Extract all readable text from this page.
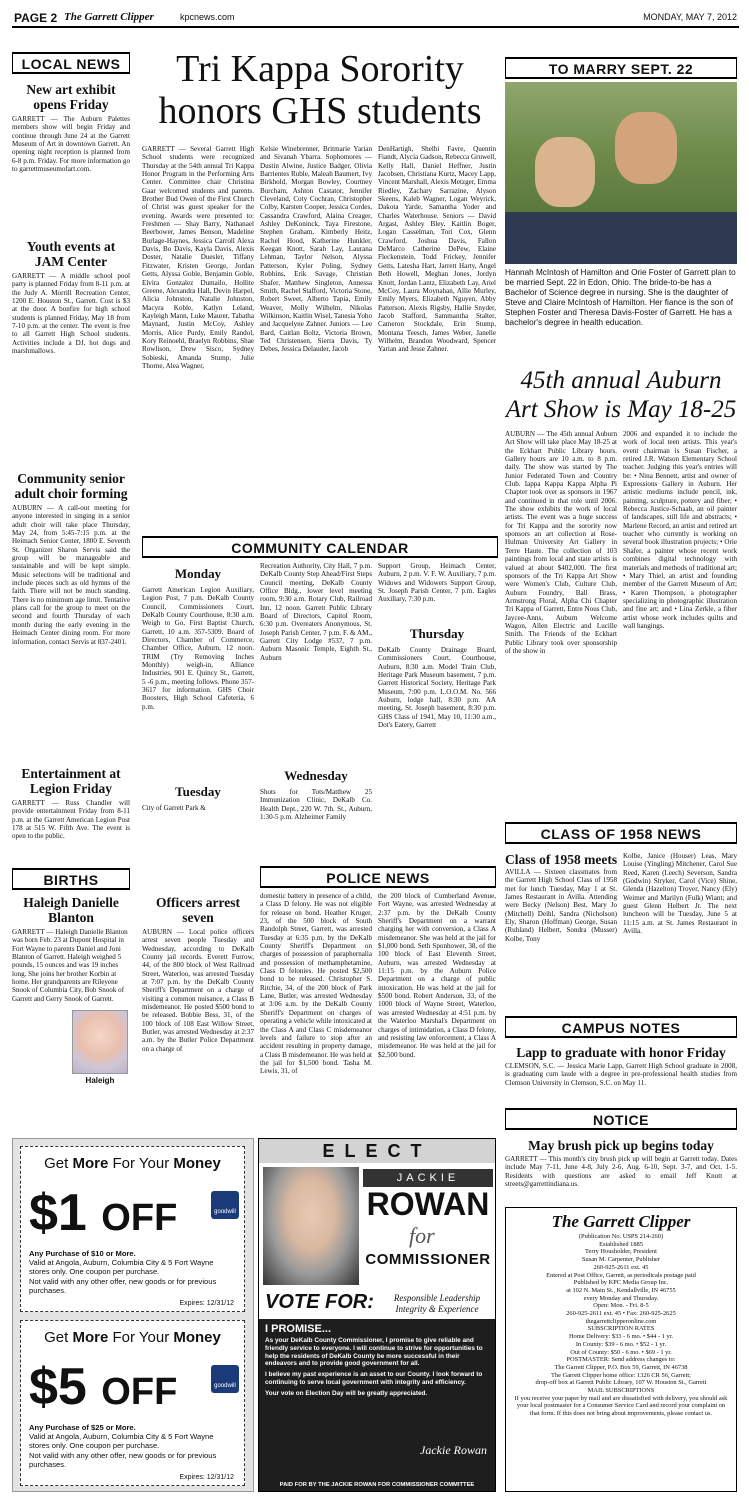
PAGE 2 The Garrett Clipper	kpcnews.com	MONDAY, MAY 7, 2012
LOCAL NEWS
New art exhibit opens Friday
GARRETT — The Auburn Palettes members show will begin Friday and continue through June 24 at the Garrett Museum of Art in downtown Garrett. An opening night reception is planned from 6-8 p.m. Friday. For more information go to garrettmuseumofart.com.
Youth events at JAM Center
GARRETT — A middle school pool party is planned Friday from 8-11 p.m. at the Judy A. Morrill Recreation Center, 1200 E. Houston St., Garrett. Cost is $3 at the door. A bonfire for high school students is planned Friday, May 18 from 7-10 p.m. at the center. The event is free to all Garrett High School students. Activities include a DJ, hot dogs and marshmallows.
Community senior adult choir forming
AUBURN — A call-out meeting for anyone interested in singing in a senior adult choir will take place Thursday, May 24, from 5:45-7:15 p.m. at the Heimach Senior Center, 1800 E. Seventh St. Organizer Sharon Servis said the group will be manageable and sustainable and will be kept simple. Music selections will be traditional and include pieces such as old hymns of the faith. There will not be much standing. There is no minimum age limit. Tentative plans call for the group to meet on the second and fourth Thursday of each month during the early evening in the Heimach Center dining room. For more information, contact Servis at 837-2401.
Entertainment at Legion Friday
GARRETT — Russ Chandler will provide entertainment Friday from 8-11 p.m. at the Garrett American Legion Post 178 at 515 W. Fifth Ave. The event is open to the public.
Tri Kappa Sorority honors GHS students
GARRETT — Several Garrett High School students were recognized Thursday at the 54th annual Tri Kappa Honor Program in the Performing Arts Center. Committee chair Christina Gaar welcomed students and parents. Brother Bud Owen of the First Church of Christ was guest speaker for the evening. Awards were presented to: Freshmen — Shay Barry, Nathanael Beerbower, James Benson, Madeline Burlage-Haynes, Jessica Carroll Alexa Davis, Bo Davis, Kayla Davis, Alexis Doster, Natalie Duesler, Tiffany Fitzwater, Kristen George, Jordan Getts, Alyssa Goble, Benjamin Goble, Elvira Gonzalez Dumailo, Hollite Greene, Alexandra Hall, Devin Harpel, Alicia Johnston, Natalie Johnston, Macyra Koble, Katlyn Leland, Kayleigh Mann, Luke Maurer, Tabatha Maynard, Justin McCoy, Ashley Morris, Alice Purdy, Emily Randol, Kory Reinoehl, Braelyn Robbins, Shae Rowlison, Drew Sisco, Sydney Sobieski, Amanda Stump, Julie Thorne, Alea Wagner,
Kelsie Winebrenner, Britmarie Yarian and Sivanah Ybarra. Sophomores — Dustin Alwine, Justice Badger, Olivia Barrientes Ruble, Maleah Baumert, Ivy Birkhold, Morgan Bowley, Courtney Burcham, Ashton Castator, Jennifer Cleveland, Coty Cochran, Christopher Colby, Karsten Cooper, Jessica Cordes, Cassandra Crawford, Alaina Creager, Ashley DeKoninck, Taya Firestone, Stephen Graham, Kimberly Heitz, Rachel Hood, Katherine Hunkler, Keegan Knott, Sarah Lay, Laurana Lehman, Taylor Nelson, Alyssa Patterson, Kyler Poling, Sydney Robbins, Erik Savage, Christian Shafer, Matthew Singleton, Annessa Smith, Rachel Stafford, Victoria Stone, Robert Sweet, Alberto Tapia, Emily Weaver, Molly Wilhelm, Nikolas Wilkinson, Kaitlin Wisel, Tanesia Yoho and Jacquelyne Zahner. Juniors — Lee Bard, Caitlan Boltz, Victoria Brown, Ted Christensen, Sierra Davis, Ty Debes, Jessica Delauder, Jacob
DenHartigh, Shelbi Favre, Quentin Fiandt, Alycia Gadson, Rebecca Gruwell, Kelly Hall, Daniel Heffner, Justin Jacobsen, Christiana Kurtz, Macey Lapp, Vincent Marshall, Alexis Metzger, Emma Riedley, Zachary Sarrazine, Alyson Skeens, Kaleb Wagner, Logan Weyrick, Dakota Yarde, Samantha Yoder and Charles Waterhouse. Seniors — David Argast, Ashley Bley, Kaitlin Boger, Logan Casselman, Tori Cox, Glenn Crawford, Joshua Davis, Fallon DeMarco Catherine DePew, Elaine Fleckenstein, Todd Frickey, Jennifer Getts, Latesha Hart, Jarrett Harty, Angel Beth Howell, Meghan Jones, Jordyn Knott, Jordan Lantz, Elizabeth Lay, Ariel McCoy, Laura Moynahan, Allie Murley, Emily Myers, Elizabeth Nguyen, Abby Patterson, Alexis Rigsby, Hallie Snyder, Jacob Stafford, Sammantha Stalter, Cameron Stockdale, Erin Stump, Montana Teesch, James Weber, Janelle Wilhelm, Brandon Woodward, Spencer Yarian and Jesse Zahner.
TO MARRY SEPT. 22
Hannah McIntosh of Hamilton and Orie Foster of Garrett plan to be married Sept. 22 in Edon, Ohio. The bride-to-be has a Bachelor of Science degree in nursing. She is the daughter of Steve and Claire McIntosh of Hamilton. Her fiance is the son of Stephen Foster and Theresa Davis-Foster of Garrett. He has a bachelor's degree in health education.
45th annual Auburn Art Show is May 18-25
AUBURN — The 45th annual Auburn Art Show will take place May 18-25 at the Eckhart Public Library hours. Gallery hours are 10 a.m. to 8 p.m. daily. The show was started by The Junior Federated Town and Country Club. Iappa Kappa Kappa Alpha Pi Chapter took over as sponsors in 1967 and continued in that role until 2006. The show exhibits the work of local artists. The event was a huge success for Tri Kappa and the sorority now sponsors an art collection at Rose-Hulman University Art Gallery in Terre Haute. The collection of 103 paintings from local and state artists is valued at about $402,000. The first sponsors of the Tri Kappa Art Show were Women's Club, Culture Club, Auburn Foundry, Ball Brass, Armstrong Floral, Alpha Chi Chapter Tri Kappa of Garrett, Entre Nous Club, Jaycee-Anns, Auburn Welcome Wagon, Allen Electric and Lucille Smith. The Friends of the Eckhart Public Library took over sponsorship of the show in
2006 and expanded it to include the work of local teen artists. This year's event chairman is Susan Fischer, a retired J.R. Watson Elementary School teacher. Judging this year's entries will be: • Nina Bennett, artist and owner of Expressions Gallery in Auburn. Her artistic mediums include pencil, ink, painting, sculpture, pottery and fiber; • Rebecca Justice-Schaab, an oil painter of landscapes, still life and abstracts; • Marlene Record, an artist and retired art teacher who currently is working on several book illustration projects; • Orie Shafer, a painter whose recent work combines digital technology with materials and methods of traditional art; • Mary Thiel, an artist and founding member of the Garrett Museum of Art; • Karen Thompson, a photographer specializing in photographic illustration and fine art; and • Lina Zerkle, a fiber artist whose work includes quilts and wall hangings.
COMMUNITY CALENDAR
Monday
Garrett American Legion Auxiliary, Legion Post, 7 p.m. DeKalb County Council, Commissioners Court, DeKalb County Courthouse, 8:30 a.m. Weigh to Go, First Baptist Church, Garrett, 10 a.m. 357-5309. Board of Directors, Chamber of Commerce, Chamber Office, Auburn, 12 noon. TRIM (Try Removing Inches Monthly) weigh-in, Alliance Industries, 901 E. Quincy St., Garrett, 5 -6 p.m., meeting follows. Phone 357-3617 for information. GHS Choir Boosters, High School Cafeteria, 6 p.m.
Tuesday
City of Garrett Park &
Recreation Authority, City Hall, 7 p.m. DeKalb County Step Ahead/First Steps Council meeting, DeKalb County Office Bldg., lower level meeting room, 9:30 a.m. Rotary Club, Railroad Inn, 12 noon. Garrett Public Library Board of Directors, Capitol Room, 6:30 p.m. Overeaters Anonymous, St. Joseph Parish Center, 7 p.m. F. & AM., Garrett City Lodge #537, 7 p.m. Auburn Masonic Temple, Eighth St., Auburn
Wednesday
Shots for Tots/Matthew 25 Immunization Clinic, DeKalb Co. Health Dept., 220 W. 7th. St., Auburn, 1:30-5 p.m. Alzheimer Family
Support Group, Heimach Center, Auburn, 2 p.m. V. F. W. Auxiliary, 7 p.m. Widows and Widowers Support Group, St. Joseph Parish Center, 7 p.m. Eagles Auxiliary, 7:30 p.m.
Thursday
DeKalb County Drainage Board, Commissioners Court, Courthouse, Auburn, 8:30 a.m. Model Train Club, Heritage Park Museum basement, 7 p.m. Garrett Historical Society, Heritage Park Museum, 7:00 p.m. L.O.O.M. No. 566 Auburn, lodge hall, 8:30 p.m. AA meeting, St. Joseph basement, 8:30 p.m. GHS Class of 1941, May 10, 11:30 a.m., Dot's Eatery, Garrett
CLASS OF 1958 NEWS
Class of 1958 meets
AVILLA — Sixteen classmates from the Garrett High School Class of 1958 met for lunch Tuesday, May 1 at St. James Restaurant in Avilla. Attending were Becky (Nelson) Best, Mary Jo (Mitchell) Deihl, Sandra (Nicholson) Ely, Sharon (Hoffman) George, Susan (Ruhland) Helbert, Sondra (Musser) Kolbe, Tony
Kolbe, Janice (Houser) Leas, Mary Louise (Yingling) Mitchener, Carol Sue Reed, Karen (Leech) Severson, Sandra (Godwin) Stryker, Carol (Vice) Shine, Glenda (Hazelton) Troyer, Nancy (Ely) Weimer and Marilyn (Fulk) Wiant; and guest Glenn Helbert Jr. The next luncheon will be Tuesday, June 5 at 11:15 a.m. at St. James Restaurant in Avilla.
CAMPUS NOTES
Lapp to graduate with honor Friday
CLEMSON, S.C. — Jessica Marie Lapp, Garrett High School graduate in 2008, is graduating cum laude with a degree in pre-professional health studies from Clemson University in Clemson, S.C. on May 11.
NOTICE
May brush pick up begins today
GARRETT — This month's city brush pick up will begin at Garrett today. Dates include May 7-11, June 4-8, July 2-6, Aug. 6-10, Sept. 3-7, and Oct. 1-5. Residents with questions are asked to email Jeff Knott at streets@garrettindiana.us.
The Garrett Clipper
(Publication No. USPS 214-260)
Established 1885
Terry Housholder, President
Susan M. Carpenter, Publisher
260-925-2611 ext. 45
Entered at Post Office, Garrett, as periodicals postage paid
Published by KPC Media Group Inc.
at 102 N. Main St., Kendallville, IN 46755
every Monday and Thursday.
Open: Mon. - Fri. 8-5
260-925-2611 ext. 45 • Fax: 260-925-2625
thegarrettclipperonline.com
SUBSCRIPTION RATES
Home Delivery: $33 - 6 mo. • $44 - 1 yr.
In County: $39 - 6 mo. • $52 - 1 yr.
Out of County: $50 - 6 mo. • $69 - 1 yr.
POSTMASTER: Send address changes to:
The Garrett Clipper, P.O. Box 59, Garrett, IN 46738
The Garrett Clipper home office: 1326 CR 56, Garrett;
drop-off box at Garrett Public Library, 107 W. Houston St., Garrett
MAIL SUBSCRIPTIONS
If you receive your paper by mail and are dissatisfied with delivery, you should ask your local postmaster for a Consumer Service Card and record your complaint on that form. If this does not bring about improvements, please contact us.
BIRTHS
Haleigh Danielle Blanton
GARRETT — Haleigh Danielle Blanton was born Feb. 23 at Dupont Hospital in Fort Wayne to parents Daniel and Joni Blanton of Garrett. Haleigh weighed 5 pounds, 15 ounces and was 19 inches long. She joins her brother Korbin at home. Her grandparents are Rileyene Snook of Columbia City, Bob Snook of Garrett and Gerry Snook of Garrett.
Haleigh
Officers arrest seven
AUBURN — Local police officers arrest seven people Tuesday and Wednesday, according to DeKalb County jail records. Everett Furrow, 44, of the 800 block of West Railroad Street, Waterloo, was arrested Tuesday at 7:07 p.m. by the DeKalb County Sheriff's Department on a charge of visiting a common nuisance, a Class B misdemeanor. He posted $500 bond to be released. Bobbie Bess, 31, of the 100 block of 108 East Willow Street, Butler, was arrested Wednesday at 2:37 a.m. by the Butler Police Department on a charge of
POLICE NEWS
domestic battery in presence of a child, a Class D felony. He was not eligible for release on bond. Heather Kruger, 23, of the 500 block of South Randolph Street, Garrett, was arrested Tuesday at 6:35 p.m. by the DeKalb County Sheriff's Department on charges of possession of paraphernalia and possession of methamphetamine, Class D felonies. He posted $2,500 bond to be released. Christopher S. Ritchie, 34, of the 200 block of Park Lane, Butler, was arrested Wednesday at 3:06 a.m. by the DeKalb County Sheriff's Department on charges of operating a vehicle while intoxicated at the Class A and Class C misdemeanor levels and failure to stop after an accident resulting in property damage, a Class B misdemeanor. He was held at the jail for $1,500 bond. Tasha M. Lewis, 31, of
the 200 block of Cumberland Avenue, Fort Wayne, was arrested Wednesday at 2:37 p.m. by the DeKalb County Sheriff's Department on a warrant charging her with conversion, a Class A misdemeanor. She was held at the jail for $1,000 bond. Seth Sponhower, 38, of the 100 block of East Eleventh Street, Auburn, was arrested Wednesday at 11:15 p.m. by the Auburn Police Department on a charge of public intoxication. He was held at the jail for $500 bond. Robert Anderson, 33, of the 1000 block of Wayne Street, Waterloo, was arrested Wednesday at 4:51 p.m. by the Waterloo Marshal's Department on charges of intimidation, a Class D felony, and resisting law enforcement, a Class A misdemeanor. He was held at the jail for $2,500 bond.
Get More For Your Money
$1 OFF	goodwill
Any Purchase of $10 or More.
Valid at Angola, Auburn, Columbia City & 5 Fort Wayne stores only. One coupon per purchase.
Not valid with any other offer, new goods or for previous purchases.
Expires: 12/31/12
Get More For Your Money
$5 OFF	goodwill
Any Purchase of $25 or More.
Valid at Angola, Auburn, Columbia City & 5 Fort Wayne stores only. One coupon per purchase.
Not valid with any other offer, new goods or for previous purchases.
Expires: 12/31/12
ELECT
JACKIE
ROWAN
for
COMMISSIONER
VOTE FOR:	Responsible Leadership
Integrity & Experience
I PROMISE...
As your DeKalb County Commissioner, I promise to give reliable and friendly service to everyone. I will continue to strive for opportunities to help the residents of DeKalb County be more successful in their endeavors and to provide good government for all.
I believe my past experience is an asset to our County. I look forward to continuing to serve local government with integrity and efficiency.
Your vote on Election Day will be greatly appreciated.
Jackie Rowan
PAID FOR BY THE JACKIE ROWAN FOR COMMISSIONER COMMITTEE
